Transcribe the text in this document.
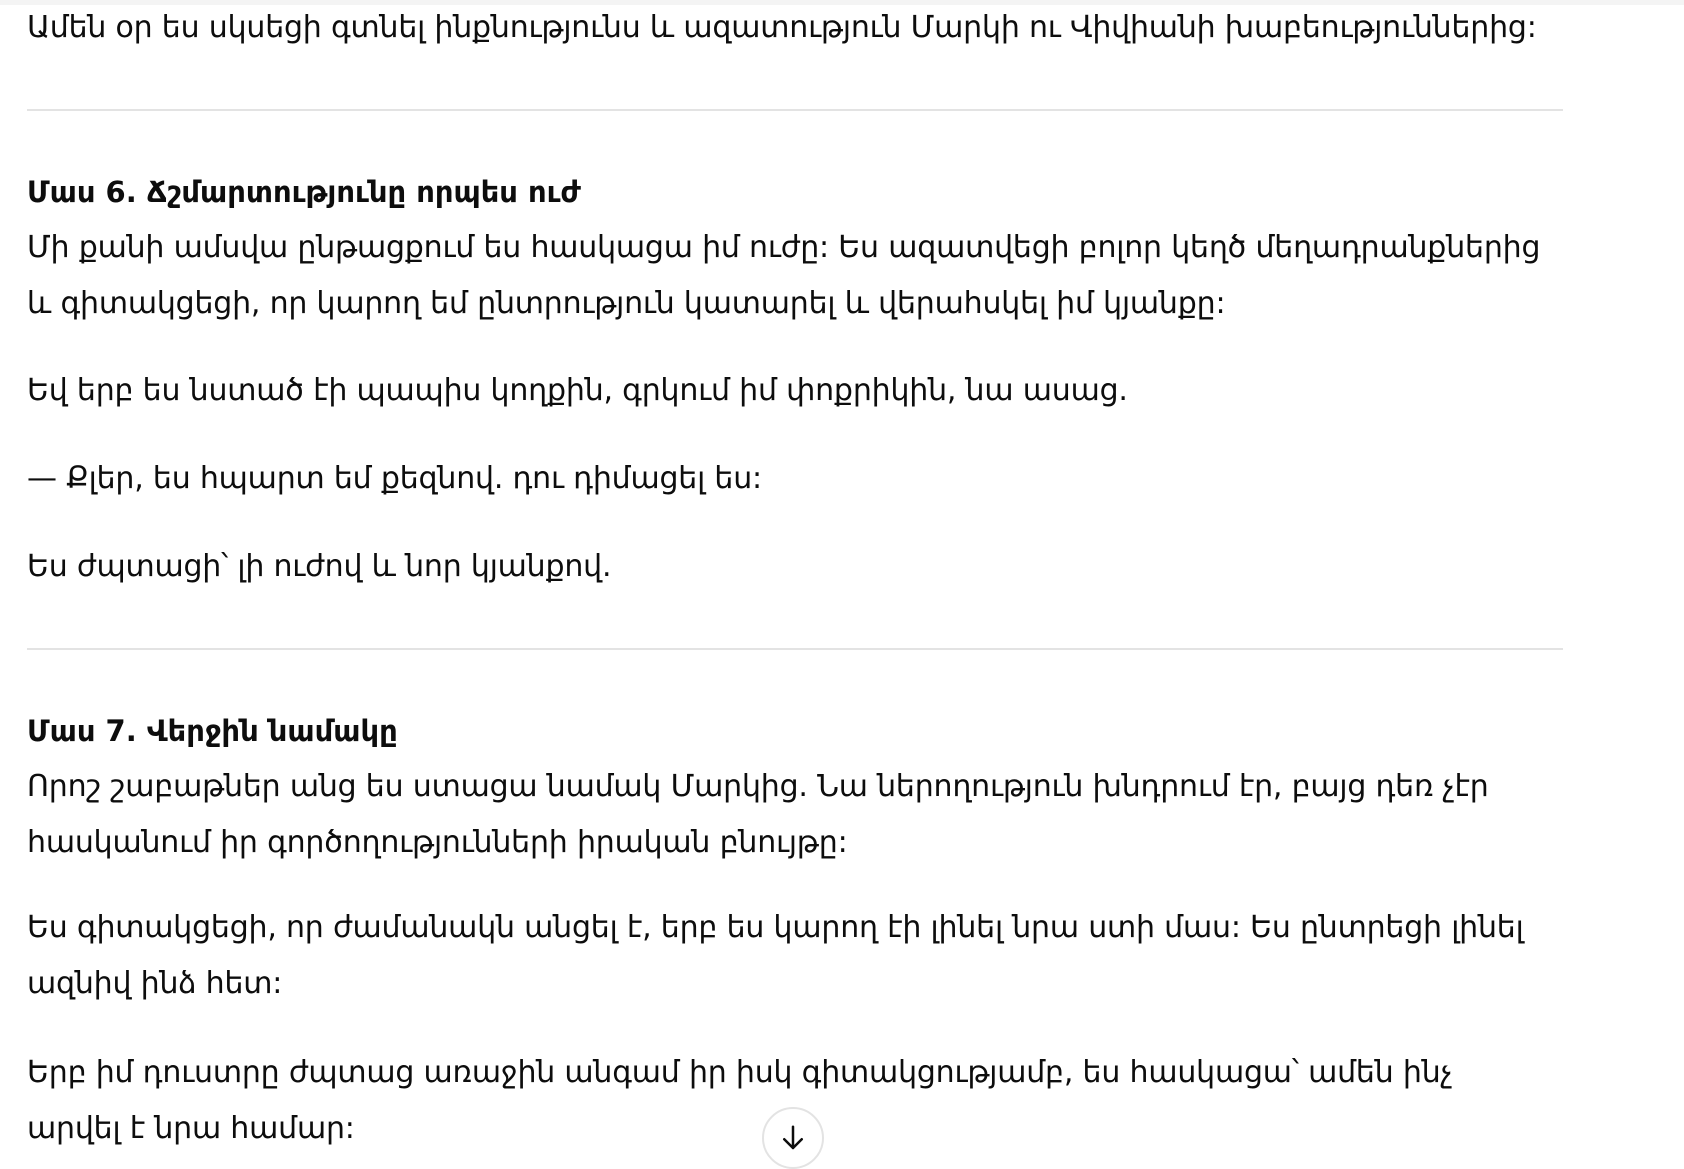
Ամեն օր ես սկսեցի գտնել ինքնությունս և ազատություն Մարկի ու Վիվիանի խաբեություններից:

Մաս 6. Ճշմարտությունը որպես ուժ

Մի քանի ամսվա ընթացքում ես հասկացա իմ ուժը: Ես ազատվեցի բոլոր կեղծ մեղադրանքներից և գիտակցեցի, որ կարող եմ ընտրություն կատարել և վերահսկել իմ կյանքը:

Եվ երբ ես նստած էի պապիս կողքին, գրկում իմ փոքրիկին, նա ասաց.

— Քլեր, ես հպարտ եմ քեզնով. դու դիմացել ես:

Ես ժպտացի՝ լի ուժով և նոր կյանքով.

Մաս 7. Վերջին նամակը

Որոշ շաբաթներ անց ես ստացա նամակ Մարկից. Նա ներողություն խնդրում էր, բայց դեռ չէր հասկանում իր գործողությունների իրական բնույթը:

Ես գիտակցեցի, որ ժամանակն անցել է, երբ ես կարող էի լինել նրա ստի մաս: Ես ընտրեցի լինել ազնիվ ինձ հետ:

Երբ իմ դուստրը ժպտաց առաջին անգամ իր իսկ գիտակցությամբ, ես հասկացա՝ ամեն ինչ արվել է նրա համար:
